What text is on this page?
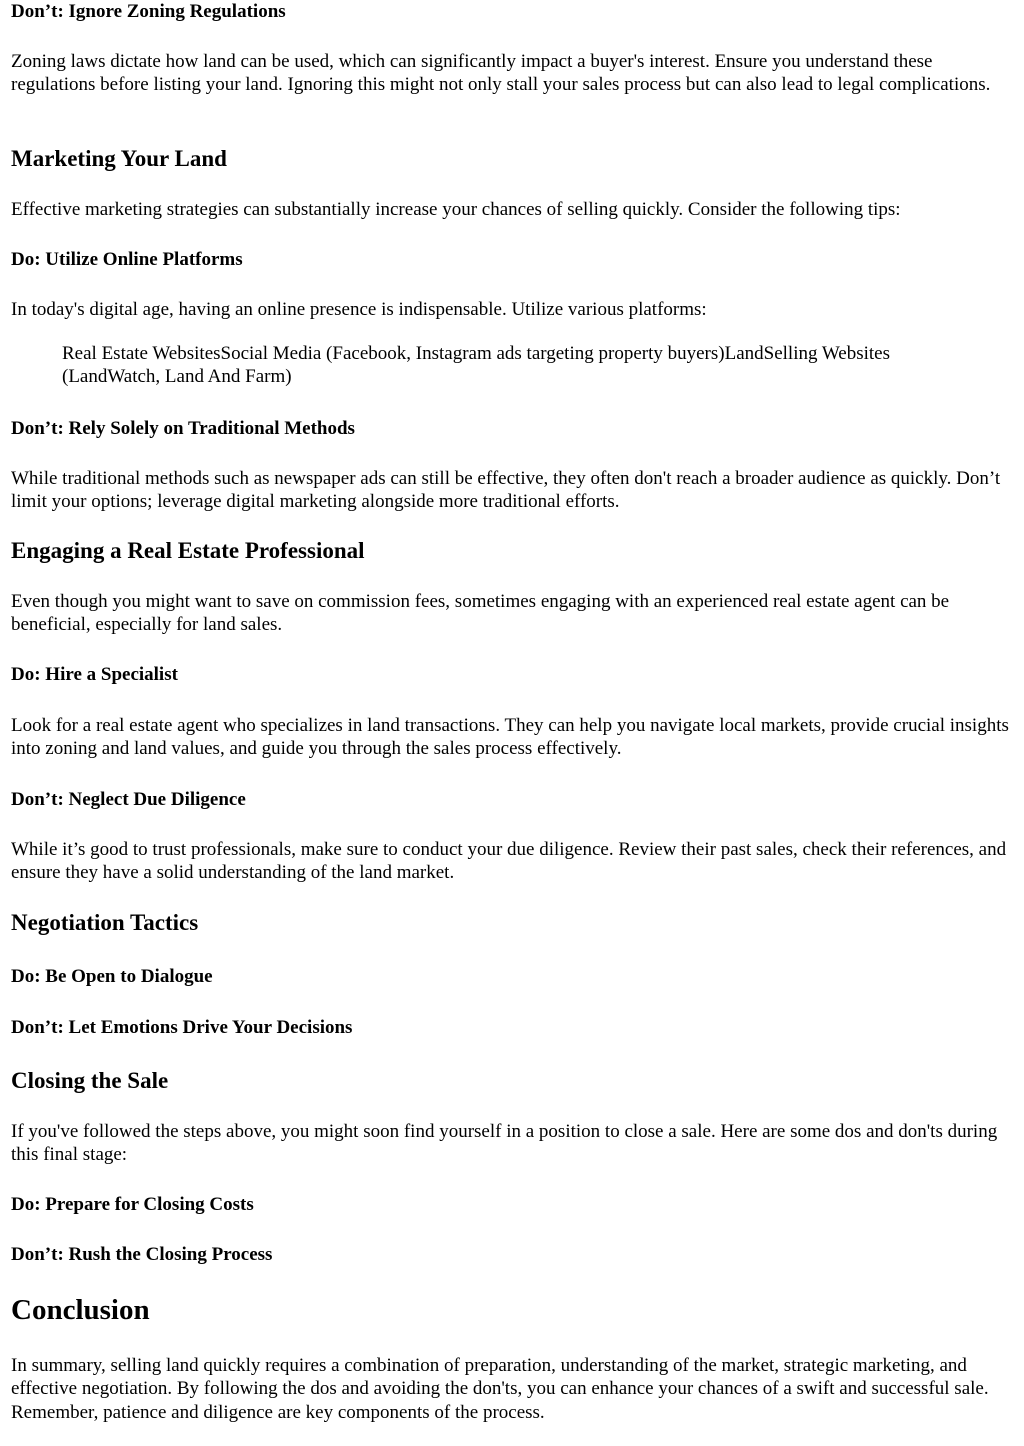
Don’t: Ignore Zoning Regulations

Zoning laws dictate how land can be used, which can significantly impact a buyer's interest. Ensure you understand these regulations before listing your land. Ignoring this might not only stall your sales process but can also lead to legal complications.

Marketing Your Land

Effective marketing strategies can substantially increase your chances of selling quickly. Consider the following tips:

Do: Utilize Online Platforms

In today's digital age, having an online presence is indispensable. Utilize various platforms:

Real Estate WebsitesSocial Media (Facebook, Instagram ads targeting property buyers)LandSelling Websites (LandWatch, Land And Farm)
Don’t: Rely Solely on Traditional Methods

While traditional methods such as newspaper ads can still be effective, they often don't reach a broader audience as quickly. Don’t limit your options; leverage digital marketing alongside more traditional efforts.

Engaging a Real Estate Professional

Even though you might want to save on commission fees, sometimes engaging with an experienced real estate agent can be beneficial, especially for land sales.

Do: Hire a Specialist

Look for a real estate agent who specializes in land transactions. They can help you navigate local markets, provide crucial insights into zoning and land values, and guide you through the sales process effectively.

Don’t: Neglect Due Diligence

While it’s good to trust professionals, make sure to conduct your due diligence. Review their past sales, check their references, and ensure they have a solid understanding of the land market.

Negotiation Tactics
Do: Be Open to Dialogue
Don’t: Let Emotions Drive Your Decisions
Closing the Sale

If you've followed the steps above, you might soon find yourself in a position to close a sale. Here are some dos and don'ts during this final stage:

Do: Prepare for Closing Costs
Don’t: Rush the Closing Process
Conclusion

In summary, selling land quickly requires a combination of preparation, understanding of the market, strategic marketing, and effective negotiation. By following the dos and avoiding the don'ts, you can enhance your chances of a swift and successful sale. Remember, patience and diligence are key components of the process.
